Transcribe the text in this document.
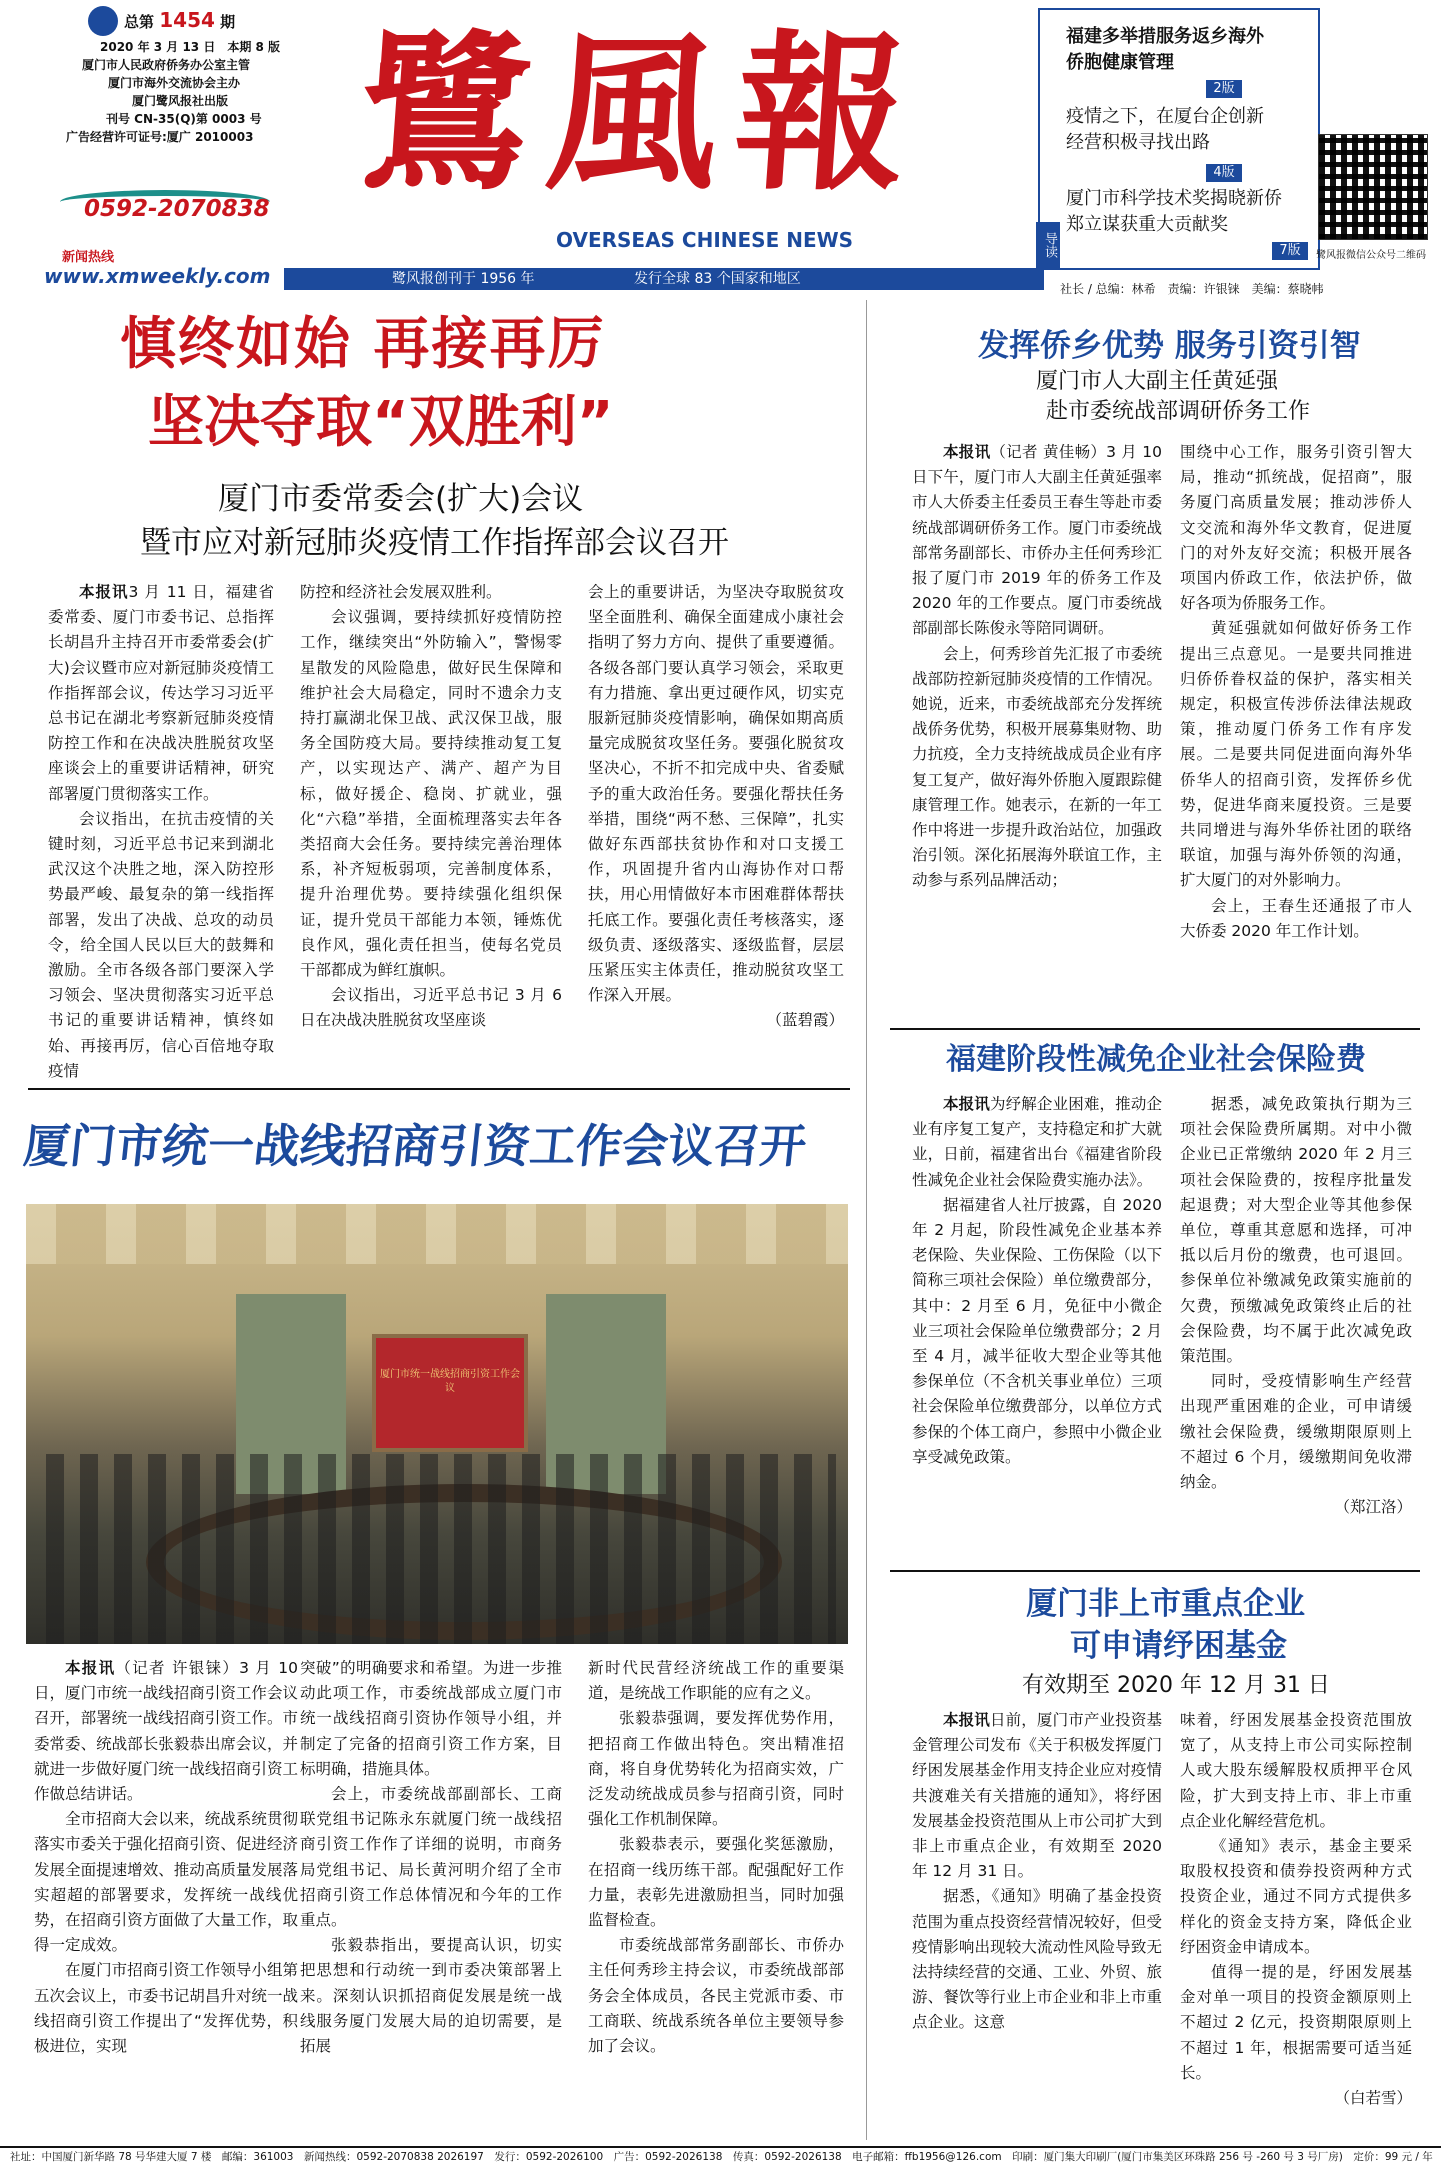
总第 1454 期
2020 年 3 月 13 日　本期 8 版
厦门市人民政府侨务办公室主管
厦门市海外交流协会主办
厦门鹭风报社出版
刊号 CN-35(Q)第 0003 号
广告经营许可证号:厦广 2010003
0592-2070838
新闻热线
www.xmweekly.com
鷺風報
OVERSEAS CHINESE NEWS
鹭风报创刊于 1956 年	发行全球 83 个国家和地区
导读
福建多举措服务返乡海外侨胞健康管理
2版
疫情之下，在厦台企创新经营积极寻找出路
4版
厦门市科学技术奖揭晓新侨郑立谋获重大贡献奖
7版	鹭风报微信公众号二维码
社长 / 总编：林希　责编：许银铼　美编：蔡晓帏
慎终如始 再接再厉
坚决夺取“双胜利”
厦门市委常委会(扩大)会议
暨市应对新冠肺炎疫情工作指挥部会议召开

本报讯3 月 11 日，福建省委常委、厦门市委书记、总指挥长胡昌升主持召开市委常委会(扩大)会议暨市应对新冠肺炎疫情工作指挥部会议，传达学习习近平总书记在湖北考察新冠肺炎疫情防控工作和在决战决胜脱贫攻坚座谈会上的重要讲话精神，研究部署厦门贯彻落实工作。

会议指出，在抗击疫情的关键时刻，习近平总书记来到湖北武汉这个决胜之地，深入防控形势最严峻、最复杂的第一线指挥部署，发出了决战、总攻的动员令，给全国人民以巨大的鼓舞和激励。全市各级各部门要深入学习领会、坚决贯彻落实习近平总书记的重要讲话精神，慎终如始、再接再厉，信心百倍地夺取疫情

防控和经济社会发展双胜利。

会议强调，要持续抓好疫情防控工作，继续突出“外防输入”，警惕零星散发的风险隐患，做好民生保障和维护社会大局稳定，同时不遗余力支持打赢湖北保卫战、武汉保卫战，服务全国防疫大局。要持续推动复工复产，以实现达产、满产、超产为目标，做好援企、稳岗、扩就业，强化“六稳”举措，全面梳理落实去年各类招商大会任务。要持续完善治理体系，补齐短板弱项，完善制度体系，提升治理优势。要持续强化组织保证，提升党员干部能力本领，锤炼优良作风，强化责任担当，使每名党员干部都成为鲜红旗帜。

会议指出，习近平总书记 3 月 6 日在决战决胜脱贫攻坚座谈

会上的重要讲话，为坚决夺取脱贫攻坚全面胜利、确保全面建成小康社会指明了努力方向、提供了重要遵循。各级各部门要认真学习领会，采取更有力措施、拿出更过硬作风，切实克服新冠肺炎疫情影响，确保如期高质量完成脱贫攻坚任务。要强化脱贫攻坚决心，不折不扣完成中央、省委赋予的重大政治任务。要强化帮扶任务举措，围绕“两不愁、三保障”，扎实做好东西部扶贫协作和对口支援工作，巩固提升省内山海协作对口帮扶，用心用情做好本市困难群体帮扶托底工作。要强化责任考核落实，逐级负责、逐级落实、逐级监督，层层压紧压实主体责任，推动脱贫攻坚工作深入开展。

（蓝碧霞）
厦门市统一战线招商引资工作会议召开
厦门市统一战线招商引资工作会议

本报讯（记者 许银铼）3 月 10 日，厦门市统一战线招商引资工作会议召开，部署统一战线招商引资工作。市委常委、统战部长张毅恭出席会议，并就进一步做好厦门统一战线招商引资工作做总结讲话。

全市招商大会以来，统战系统贯彻落实市委关于强化招商引资、促进经济发展全面提速增效、推动高质量发展落实超超的部署要求，发挥统一战线优势，在招商引资方面做了大量工作，取得一定成效。

在厦门市招商引资工作领导小组第五次会议上，市委书记胡昌升对统一战线招商引资工作提出了“发挥优势，积极进位，实现

突破”的明确要求和希望。为进一步推动此项工作，市委统战部成立厦门市统一战线招商引资协作领导小组，并制定了完备的招商引资工作方案，目标明确，措施具体。

会上，市委统战部副部长、工商联党组书记陈永东就厦门统一战线招商引资工作作了详细的说明，市商务局党组书记、局长黄河明介绍了全市招商引资工作总体情况和今年的工作重点。

张毅恭指出，要提高认识，切实把思想和行动统一到市委决策部署上来。深刻认识抓招商促发展是统一战线服务厦门发展大局的迫切需要，是拓展

新时代民营经济统战工作的重要渠道，是统战工作职能的应有之义。

张毅恭强调，要发挥优势作用，把招商工作做出特色。突出精准招商，将自身优势转化为招商实效，广泛发动统战成员参与招商引资，同时强化工作机制保障。

张毅恭表示，要强化奖惩激励，在招商一线历练干部。配强配好工作力量，表彰先进激励担当，同时加强监督检查。

市委统战部常务副部长、市侨办主任何秀珍主持会议，市委统战部部务会全体成员，各民主党派市委、市工商联、统战系统各单位主要领导参加了会议。

发挥侨乡优势 服务引资引智
厦门市人大副主任黄延强
赴市委统战部调研侨务工作

本报讯（记者 黄佳畅）3 月 10 日下午，厦门市人大副主任黄延强率市人大侨委主任委员王春生等赴市委统战部调研侨务工作。厦门市委统战部常务副部长、市侨办主任何秀珍汇报了厦门市 2019 年的侨务工作及 2020 年的工作要点。厦门市委统战部副部长陈俊永等陪同调研。

会上，何秀珍首先汇报了市委统战部防控新冠肺炎疫情的工作情况。她说，近来，市委统战部充分发挥统战侨务优势，积极开展募集财物、助力抗疫，全力支持统战成员企业有序复工复产，做好海外侨胞入厦跟踪健康管理工作。她表示，在新的一年工作中将进一步提升政治站位，加强政治引领。深化拓展海外联谊工作，主动参与系列品牌活动；

围绕中心工作，服务引资引智大局，推动“抓统战，促招商”，服务厦门高质量发展；推动涉侨人文交流和海外华文教育，促进厦门的对外友好交流；积极开展各项国内侨政工作，依法护侨，做好各项为侨服务工作。

黄延强就如何做好侨务工作提出三点意见。一是要共同推进归侨侨眷权益的保护，落实相关规定，积极宣传涉侨法律法规政策，推动厦门侨务工作有序发展。二是要共同促进面向海外华侨华人的招商引资，发挥侨乡优势，促进华商来厦投资。三是要共同增进与海外华侨社团的联络联谊，加强与海外侨领的沟通，扩大厦门的对外影响力。

会上，王春生还通报了市人大侨委 2020 年工作计划。

福建阶段性减免企业社会保险费

本报讯为纾解企业困难，推动企业有序复工复产，支持稳定和扩大就业，日前，福建省出台《福建省阶段性减免企业社会保险费实施办法》。

据福建省人社厅披露，自 2020 年 2 月起，阶段性减免企业基本养老保险、失业保险、工伤保险（以下简称三项社会保险）单位缴费部分，其中：2 月至 6 月，免征中小微企业三项社会保险单位缴费部分；2 月至 4 月，减半征收大型企业等其他参保单位（不含机关事业单位）三项社会保险单位缴费部分，以单位方式参保的个体工商户，参照中小微企业享受减免政策。

据悉，减免政策执行期为三项社会保险费所属期。对中小微企业已正常缴纳 2020 年 2 月三项社会保险费的，按程序批量发起退费；对大型企业等其他参保单位，尊重其意愿和选择，可冲抵以后月份的缴费，也可退回。参保单位补缴减免政策实施前的欠费，预缴减免政策终止后的社会保险费，均不属于此次减免政策范围。

同时，受疫情影响生产经营出现严重困难的企业，可申请缓缴社会保险费，缓缴期限原则上不超过 6 个月，缓缴期间免收滞纳金。

（郑江洛）
厦门非上市重点企业
可申请纾困基金
有效期至 2020 年 12 月 31 日

本报讯日前，厦门市产业投资基金管理公司发布《关于积极发挥厦门纾困发展基金作用支持企业应对疫情共渡难关有关措施的通知》，将纾困发展基金投资范围从上市公司扩大到非上市重点企业，有效期至 2020 年 12 月 31 日。

据悉，《通知》明确了基金投资范围为重点投资经营情况较好，但受疫情影响出现较大流动性风险导致无法持续经营的交通、工业、外贸、旅游、餐饮等行业上市企业和非上市重点企业。这意

味着，纾困发展基金投资范围放宽了，从支持上市公司实际控制人或大股东缓解股权质押平仓风险，扩大到支持上市、非上市重点企业化解经营危机。

《通知》表示，基金主要采取股权投资和债券投资两种方式投资企业，通过不同方式提供多样化的资金支持方案，降低企业纾困资金申请成本。

值得一提的是，纾困发展基金对单一项目的投资金额原则上不超过 2 亿元，投资期限原则上不超过 1 年，根据需要可适当延长。

（白若雪）
社址：中国厦门新华路 78 号华建大厦 7 楼　邮编：361003　新闻热线：0592-2070838 2026197　发行：0592-2026100　广告：0592-2026138　传真：0592-2026138　电子邮箱：ffb1956@126.com　印刷：厦门集大印刷厂(厦门市集美区环珠路 256 号 -260 号 3 号厂房)　定价：99 元 / 年
